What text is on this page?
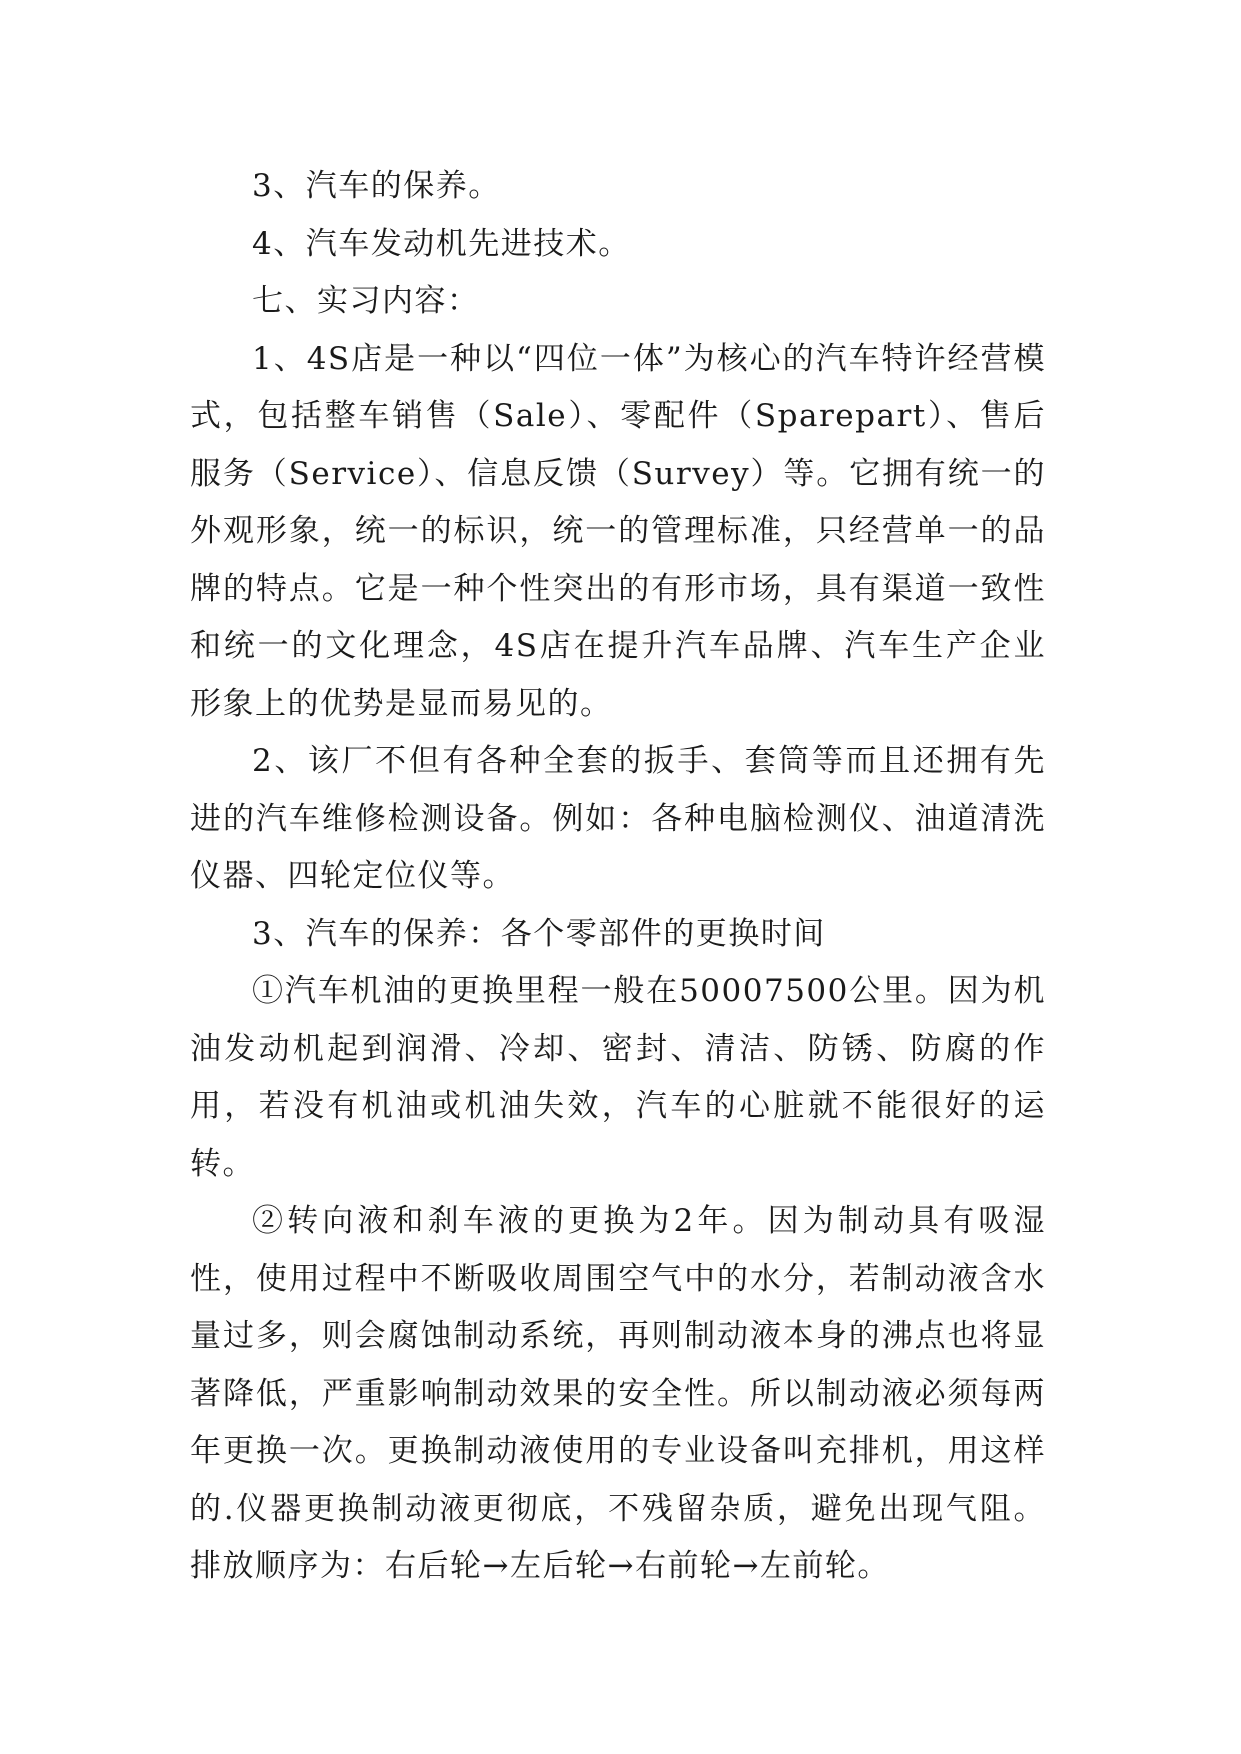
3、汽车的保养。

4、汽车发动机先进技术。

七、实习内容：

1、4S店是一种以“四位一体”为核心的汽车特许经营模式，包括整车销售（Sale）、零配件（Sparepart）、售后服务（Service）、信息反馈（Survey）等。它拥有统一的外观形象，统一的标识，统一的管理标准，只经营单一的品牌的特点。它是一种个性突出的有形市场，具有渠道一致性和统一的文化理念，4S店在提升汽车品牌、汽车生产企业形象上的优势是显而易见的。

2、该厂不但有各种全套的扳手、套筒等而且还拥有先进的汽车维修检测设备。例如：各种电脑检测仪、油道清洗仪器、四轮定位仪等。

3、汽车的保养：各个零部件的更换时间

①汽车机油的更换里程一般在50007500公里。因为机油发动机起到润滑、冷却、密封、清洁、防锈、防腐的作用，若没有机油或机油失效，汽车的心脏就不能很好的运转。

②转向液和刹车液的更换为2年。因为制动具有吸湿性，使用过程中不断吸收周围空气中的水分，若制动液含水量过多，则会腐蚀制动系统，再则制动液本身的沸点也将显著降低，严重影响制动效果的安全性。所以制动液必须每两年更换一次。更换制动液使用的专业设备叫充排机，用这样的.仪器更换制动液更彻底，不残留杂质，避免出现气阻。排放顺序为：右后轮→左后轮→右前轮→左前轮。
